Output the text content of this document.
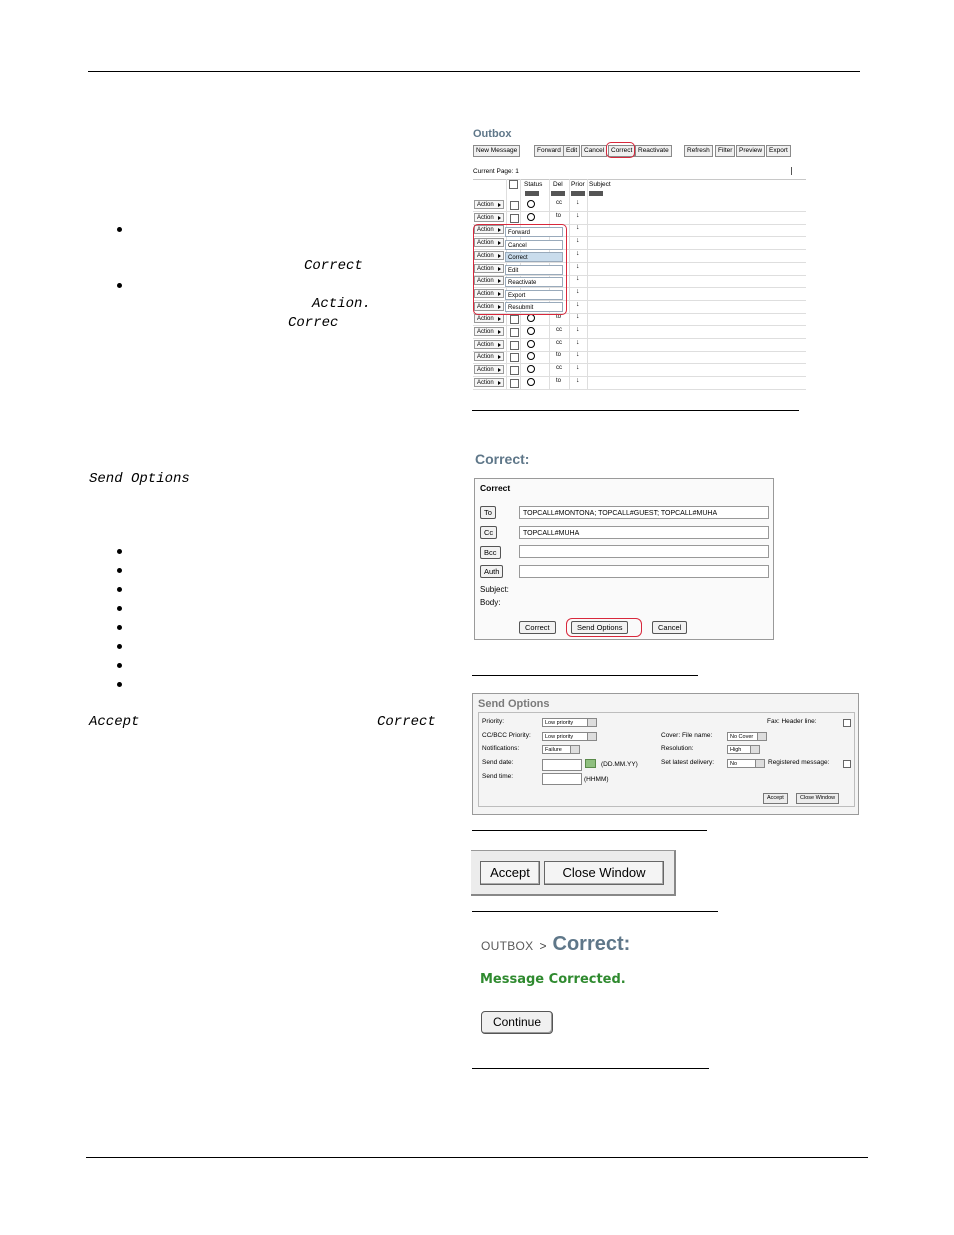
Correct
Action.
Correc
Send Options
Accept	Correct
Outbox
New Message	Forward Edit	Cancel	Correct Reactivate	Refresh	Filter	Preview	Export
Current Page: 1
Status Del Prior Subject
Action	cc ↓
Action	to ↓
Action	↓
Action	↓
Action	↓
Action	↓
Action	↓
Action	↓
Action	↓
Action	to ↓
Action	cc ↓
Action	cc ↓
Action	to ↓
Action	cc ↓
Action	to ↓
Forward
Cancel
Correct
Edit
Reactivate
Export
Resubmit
Correct:
Correct
To	TOPCALL#MONTONA; TOPCALL#GUEST; TOPCALL#MUHA
Cc	TOPCALL#MUHA
Bcc
Auth
Subject:
Body:
Correct	Send Options	Cancel
Send Options
Priority:	Low priority
CC/BCC Priority:	Low priority
Notifications:	Failure
Send date:	(DD.MM.YY)
Send time:	(HHMM)
Fax: Header line:
Cover: File name:	No Cover
Resolution:	High
Set latest delivery:	No	Registered message:
Accept	Close Window
Accept	Close Window
OUTBOX > Correct:
Message Corrected.
Continue
